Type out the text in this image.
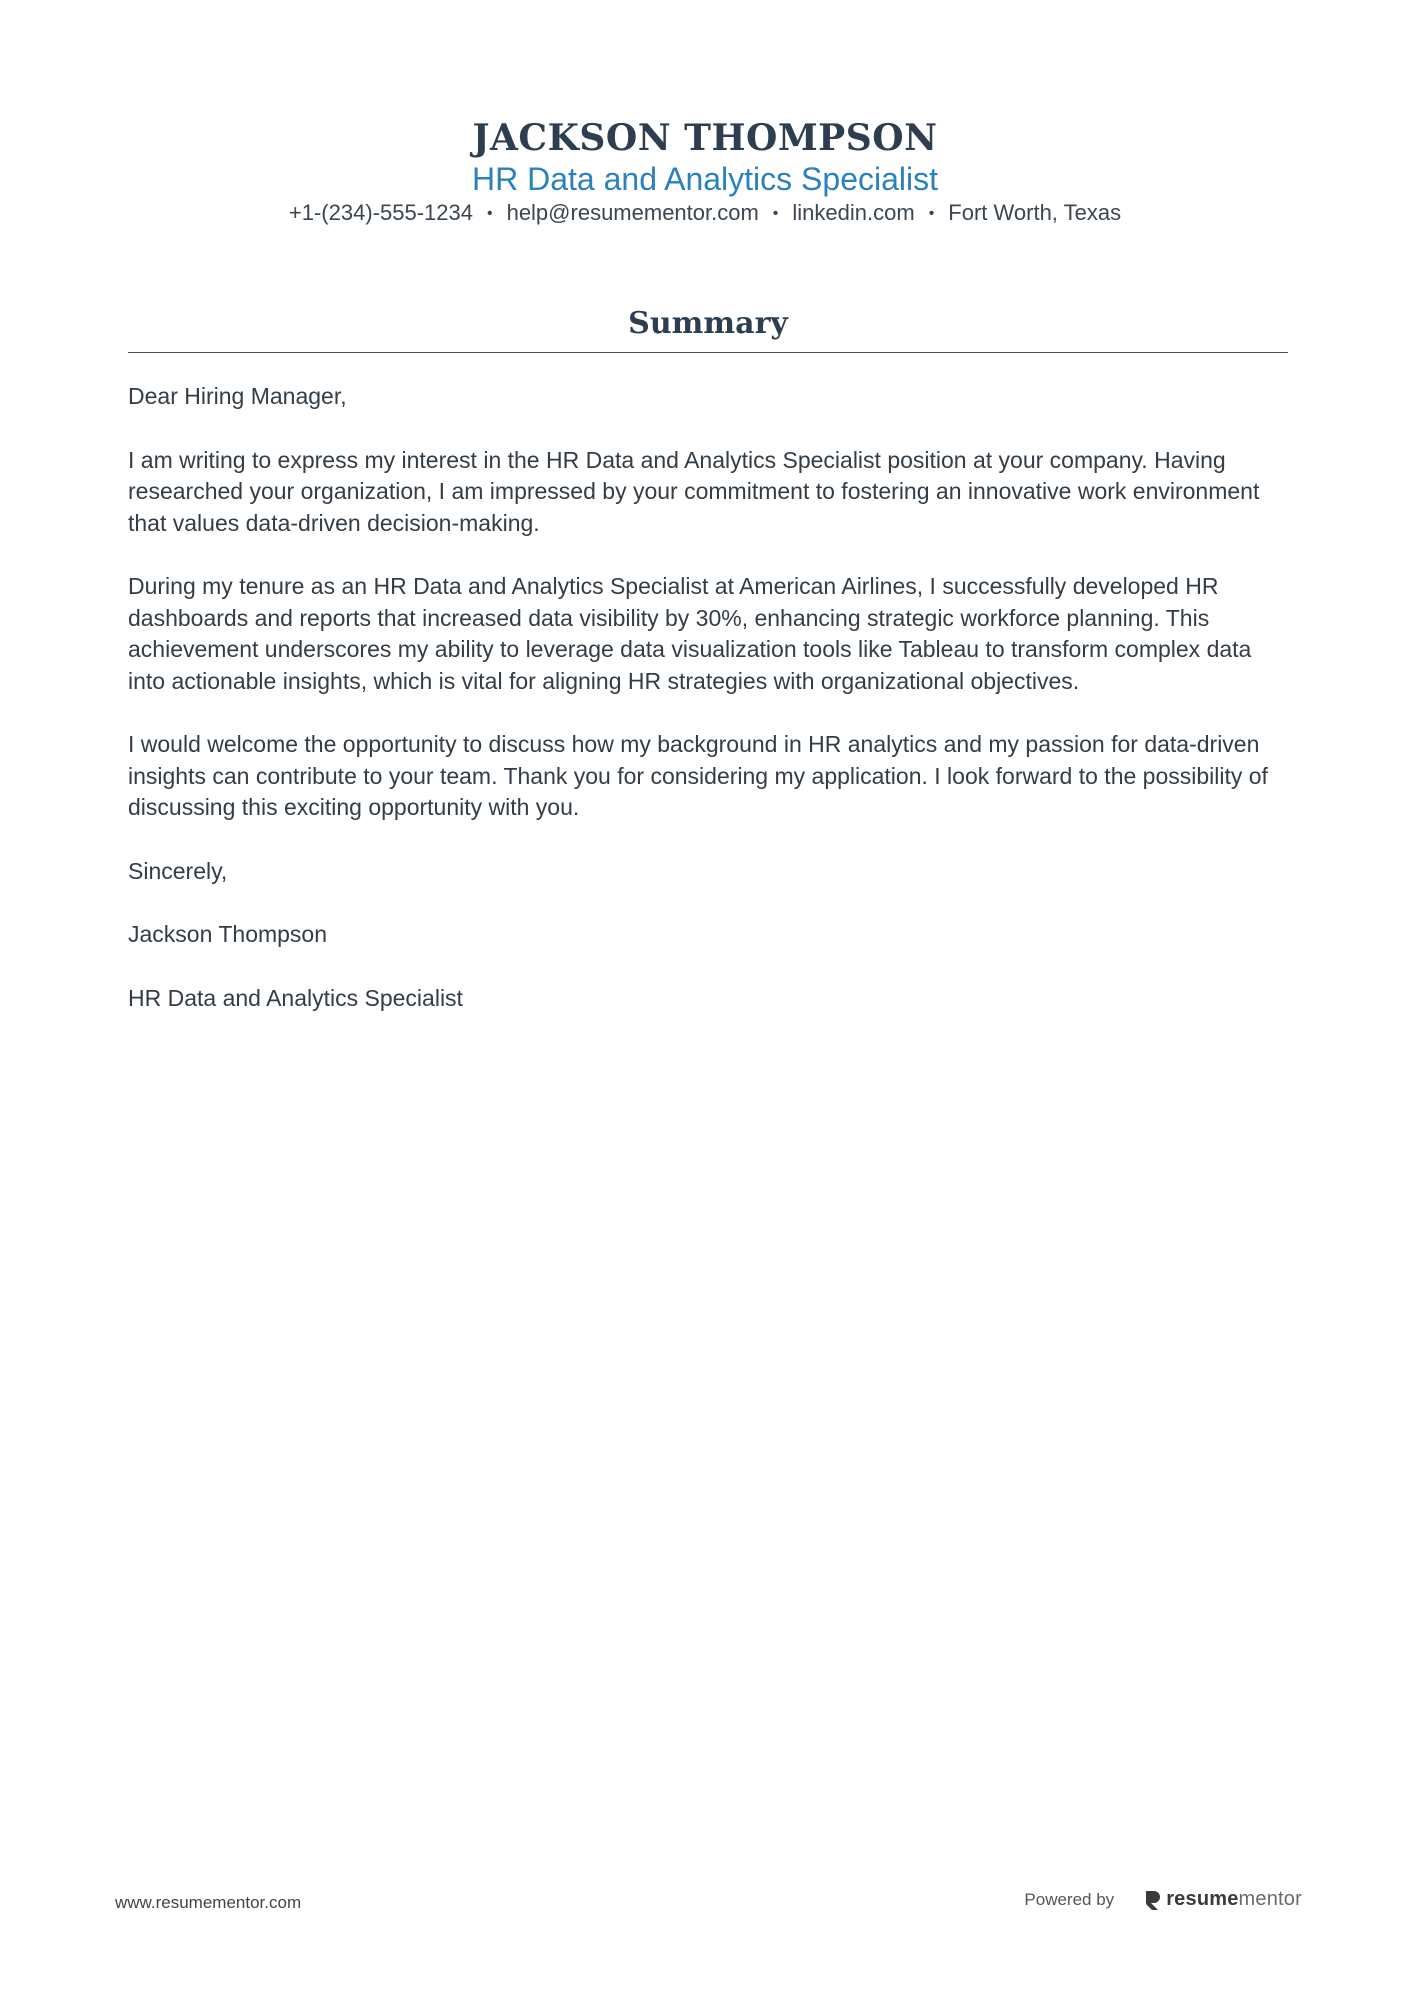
JACKSON THOMPSON
HR Data and Analytics Specialist
+1-(234)-555-1234 • help@resumementor.com • linkedin.com • Fort Worth, Texas
Summary

Dear Hiring Manager,

I am writing to express my interest in the HR Data and Analytics Specialist position at your company. Having researched your organization, I am impressed by your commitment to fostering an innovative work environment that values data-driven decision-making.

During my tenure as an HR Data and Analytics Specialist at American Airlines, I successfully developed HR dashboards and reports that increased data visibility by 30%, enhancing strategic workforce planning. This achievement underscores my ability to leverage data visualization tools like Tableau to transform complex data into actionable insights, which is vital for aligning HR strategies with organizational objectives.

I would welcome the opportunity to discuss how my background in HR analytics and my passion for data-driven insights can contribute to your team. Thank you for considering my application. I look forward to the possibility of discussing this exciting opportunity with you.

Sincerely,

Jackson Thompson

HR Data and Analytics Specialist

www.resumementor.com	Powered by	resume mentor
